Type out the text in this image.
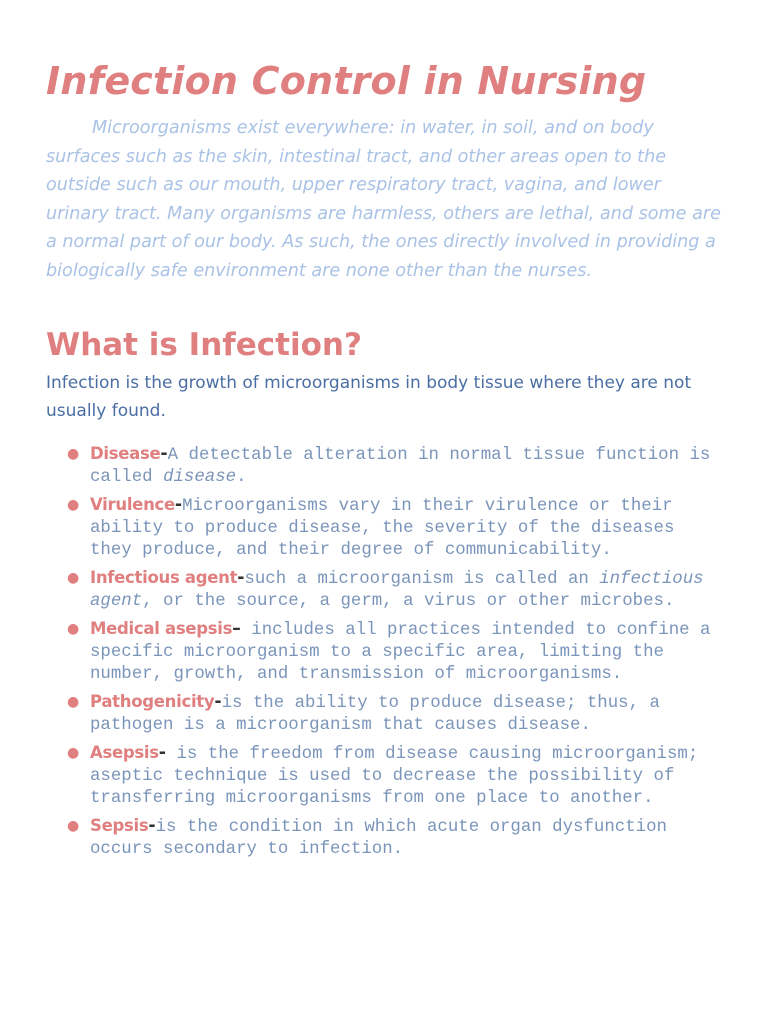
Infection Control in Nursing

Microorganisms exist everywhere: in water, in soil, and on body surfaces such as the skin, intestinal tract, and other areas open to the outside such as our mouth, upper respiratory tract, vagina, and lower urinary tract. Many organisms are harmless, others are lethal, and some are a normal part of our body. As such, the ones directly involved in providing a biologically safe environment are none other than the nurses.

What is Infection?

Infection is the growth of microorganisms in body tissue where they are not usually found.

● Disease-A detectable alteration in normal tissue function is called disease.
● Virulence-Microorganisms vary in their virulence or their ability to produce disease, the severity of the diseases they produce, and their degree of communicability.
● Infectious agent-such a microorganism is called an infectious agent, or the source, a germ, a virus or other microbes.
● Medical asepsis– includes all practices intended to confine a specific microorganism to a specific area, limiting the number, growth, and transmission of microorganisms.
● Pathogenicity-is the ability to produce disease; thus, a pathogen is a microorganism that causes disease.
● Asepsis- is the freedom from disease causing microorganism; aseptic technique is used to decrease the possibility of transferring microorganisms from one place to another.
● Sepsis-is the condition in which acute organ dysfunction occurs secondary to infection.
